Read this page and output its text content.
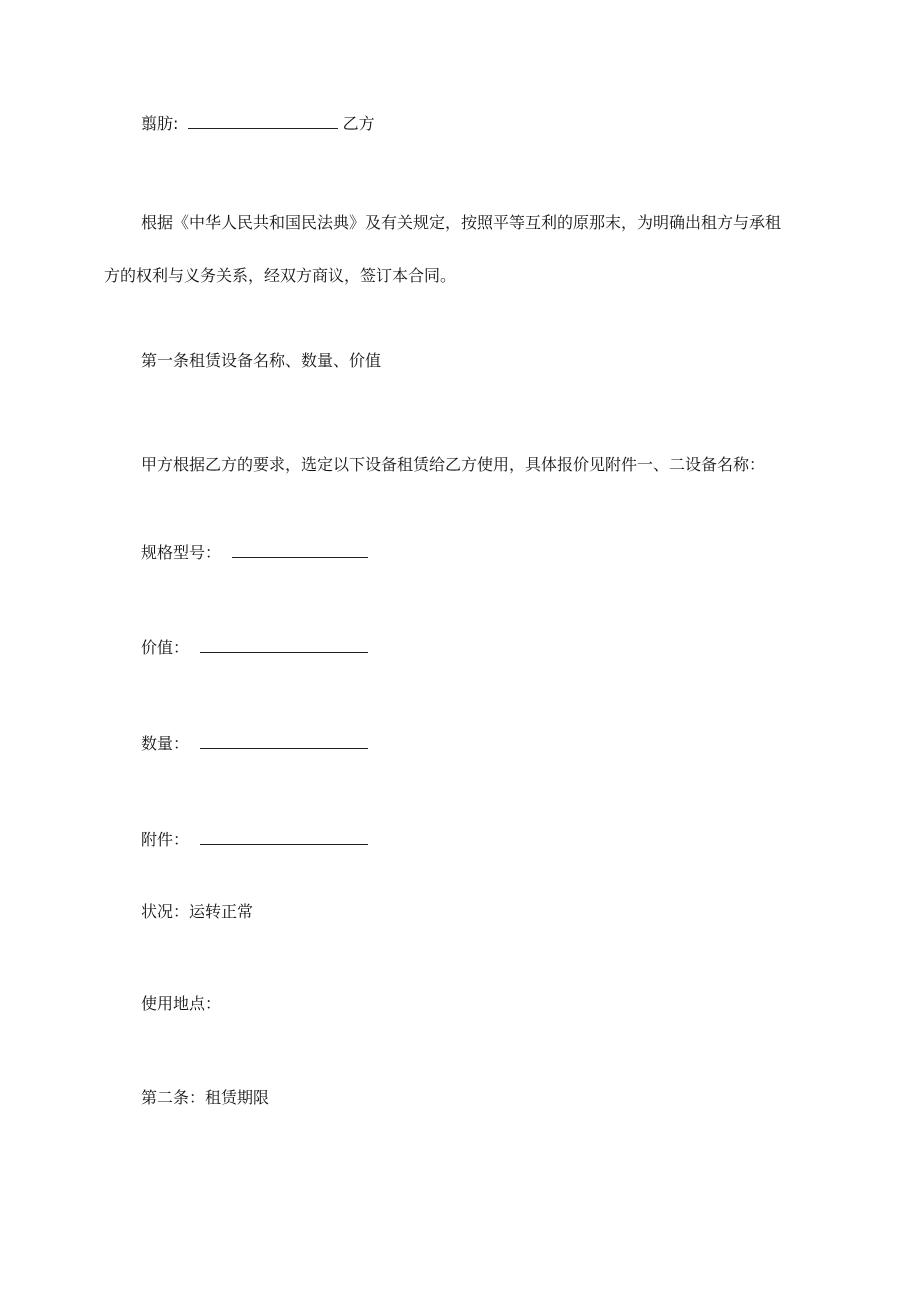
翦肪:	乙方
根据《中华人民共和国民法典》及有关规定，按照平等互利的原那末，为明确出租方与承租方的权利与义务关系，经双方商议，签订本合同。
第一条租赁设备名称、数量、价值
甲方根据乙方的要求，选定以下设备租赁给乙方使用，具体报价见附件一、二设备名称：
规格型号：
价值：
数量：
附件：
状况：运转正常
使用地点：
第二条：租赁期限
